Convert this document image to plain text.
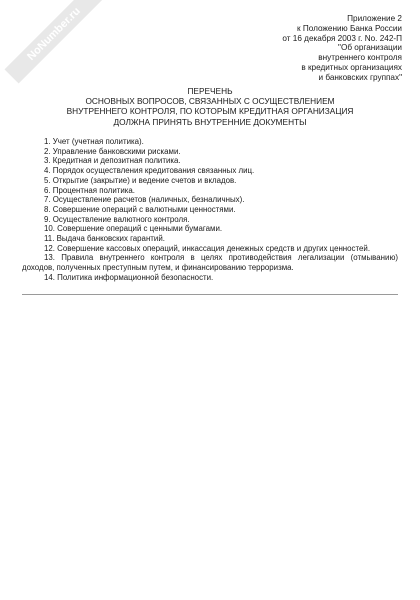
NoNumber.ru	Приложение 2
к Положению Банка России
от 16 декабря 2003 г. No. 242-П
"Об организации
внутреннего контроля
в кредитных организациях
и банковских группах"
ПЕРЕЧЕНЬ
ОСНОВНЫХ ВОПРОСОВ, СВЯЗАННЫХ С ОСУЩЕСТВЛЕНИЕМ
ВНУТРЕННЕГО КОНТРОЛЯ, ПО КОТОРЫМ КРЕДИТНАЯ ОРГАНИЗАЦИЯ
ДОЛЖНА ПРИНЯТЬ ВНУТРЕННИЕ ДОКУМЕНТЫ
1. Учет (учетная политика).
2. Управление банковскими рисками.
3. Кредитная и депозитная политика.
4. Порядок осуществления кредитования связанных лиц.
5. Открытие (закрытие) и ведение счетов и вкладов.
6. Процентная политика.
7. Осуществление расчетов (наличных, безналичных).
8. Совершение операций с валютными ценностями.
9. Осуществление валютного контроля.
10. Совершение операций с ценными бумагами.
11. Выдача банковских гарантий.
12. Совершение кассовых операций, инкассация денежных средств и других ценностей.
13. Правила внутреннего контроля в целях противодействия легализации (отмыванию) доходов, полученных преступным путем, и финансированию терроризма.
14. Политика информационной безопасности.
